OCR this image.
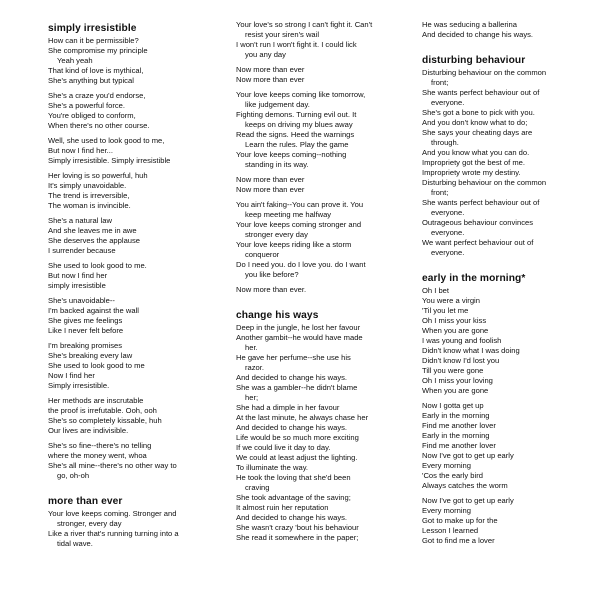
simply irresistible
How can it be permissible?
She compromise my principle
Yeah yeah
That kind of love is mythical,
She's anything but typical
She's a craze you'd endorse,
She's a powerful force.
You're obliged to conform,
When there's no other course.
Well, she used to look good to me,
But now I find her...
Simply irresistible. Simply irresistible
Her loving is so powerful, huh
It's simply unavoidable.
The trend is irreversible,
The woman is invincible.
She's a natural law
And she leaves me in awe
She deserves the applause
I surrender because
She used to look good to me.
But now I find her
simply irresistible
She's unavoidable--
I'm backed against the wall
She gives me feelings
Like I never felt before
I'm breaking promises
She's breaking every law
She used to look good to me
Now I find her
Simply irresistible.
Her methods are inscrutable
the proof is irrefutable. Ooh, ooh
She's so completely kissable, huh
Our lives are indivisible.
She's so fine--there's no telling
where the money went, whoa
She's all mine--there's no other way to
go, oh-oh
more than ever
Your love keeps coming. Stronger and
stronger, every day
Like a river that's running turning into a
tidal wave.
Your love's so strong I can't fight it. Can't
resist your siren's wail
I won't run I won't fight it. I could lick
you any day
Now more than ever
Now more than ever
Your love keeps coming like tomorrow,
like judgement day.
Fighting demons. Turning evil out. It
keeps on driving my blues away
Read the signs. Heed the warnings
Learn the rules. Play the game
Your love keeps coming--nothing
standing in its way.
Now more than ever
Now more than ever
You ain't faking--You can prove it. You
keep meeting me halfway
Your love keeps coming stronger and
stronger every day
Your love keeps riding like a storm
conqueror
Do I need you. do I love you. do I want
you like before?
Now more than ever.
change his ways
Deep in the jungle, he lost her favour
Another gambit--he would have made
her.
He gave her perfume--she use his
razor.
And decided to change his ways.
She was a gambler--he didn't blame
her;
She had a dimple in her favour
At the last minute, he always chase her
And decided to change his ways.
Life would be so much more exciting
If we could live it day to day.
We could at least adjust the lighting.
To illuminate the way.
He took the loving that she'd been
craving
She took advantage of the saving;
It almost ruin her reputation
And decided to change his ways.
She wasn't crazy 'bout his behaviour
She read it somewhere in the paper;
He was seducing a ballerina
And decided to change his ways.
disturbing behaviour
Disturbing behaviour on the common
front;
She wants perfect behaviour out of
everyone.
She's got a bone to pick with you.
And you don't know what to do;
She says your cheating days are
through.
And you know what you can do.
Impropriety got the best of me.
Impropriety wrote my destiny.
Disturbing behaviour on the common
front;
She wants perfect behaviour out of
everyone.
Outrageous behaviour convinces
everyone.
We want perfect behaviour out of
everyone.
early in the morning*
Oh I bet
You were a virgin
'Til you let me
Oh I miss your kiss
When you are gone
I was young and foolish
Didn't know what I was doing
Didn't know I'd lost you
Till you were gone
Oh I miss your loving
When you are gone
Now I gotta get up
Early in the morning
Find me another lover
Early in the morning
Find me another lover
Now I've got to get up early
Every morning
'Cos the early bird
Always catches the worm
Now I've got to get up early
Every morning
Got to make up for the
Lesson I learned
Got to find me a lover
